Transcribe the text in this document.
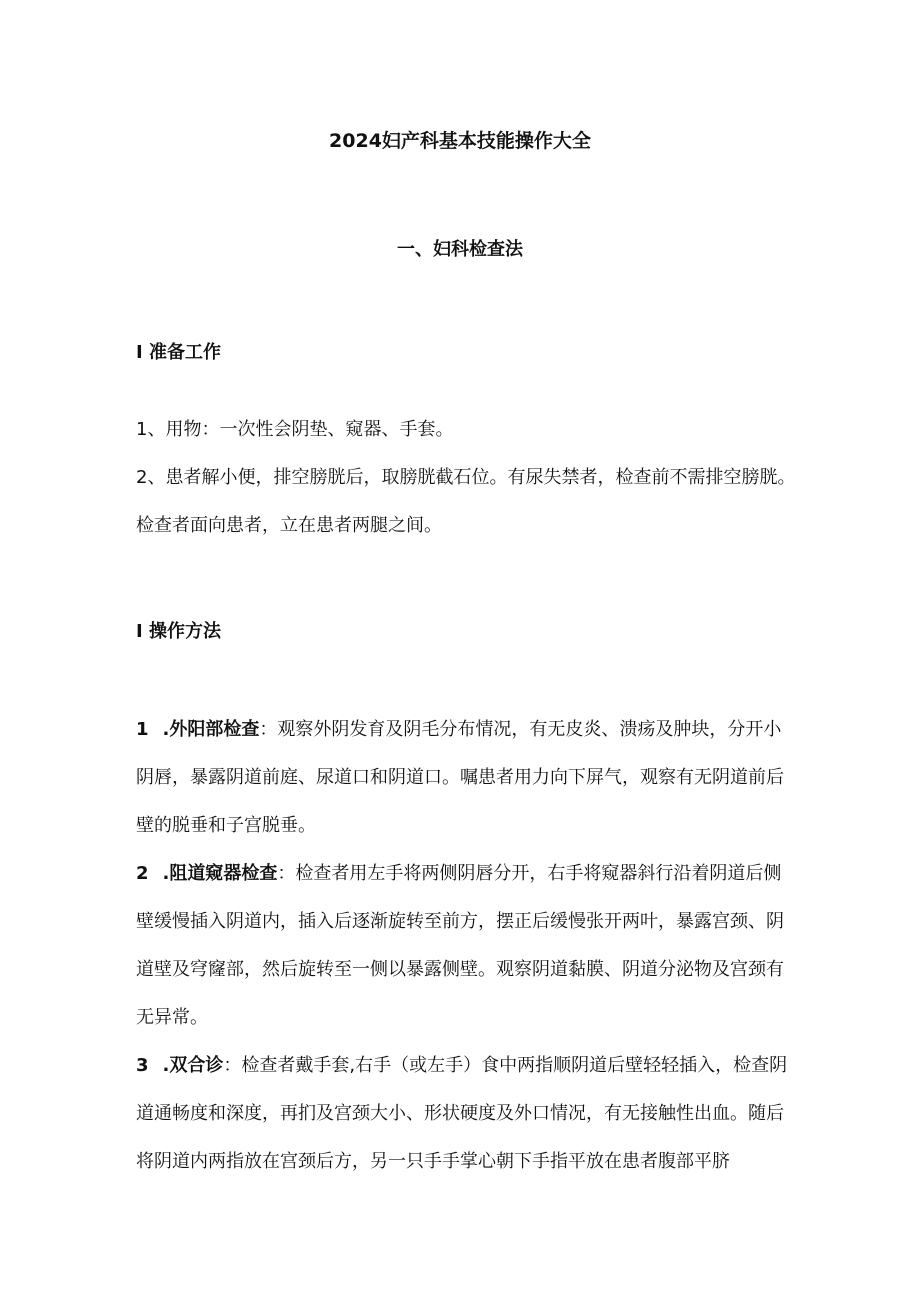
2024妇产科基本技能操作大全
一、妇科检查法
I 准备工作

1、用物：一次性会阴垫、窥器、手套。

2、患者解小便，排空膀胱后，取膀胱截石位。有尿失禁者，检查前不需排空膀胱。检查者面向患者，立在患者两腿之间。

I 操作方法

1 .外阳部检查：观察外阴发育及阴毛分布情况，有无皮炎、溃疡及肿块，分开小阴唇，暴露阴道前庭、尿道口和阴道口。嘱患者用力向下屏气，观察有无阴道前后壁的脱垂和子宫脱垂。

2 .阻道窥器检查：检查者用左手将两侧阴唇分开，右手将窥器斜行沿着阴道后侧壁缓慢插入阴道内，插入后逐渐旋转至前方，摆正后缓慢张开两叶，暴露宫颈、阴道壁及穹窿部，然后旋转至一侧以暴露侧壁。观察阴道黏膜、阴道分泌物及宫颈有无异常。

3 .双合诊：检查者戴手套,右手（或左手）食中两指顺阴道后壁轻轻插入，检查阴道通畅度和深度，再扪及宫颈大小、形状硬度及外口情况，有无接触性出血。随后将阴道内两指放在宫颈后方，另一只手手掌心朝下手指平放在患者腹部平脐
